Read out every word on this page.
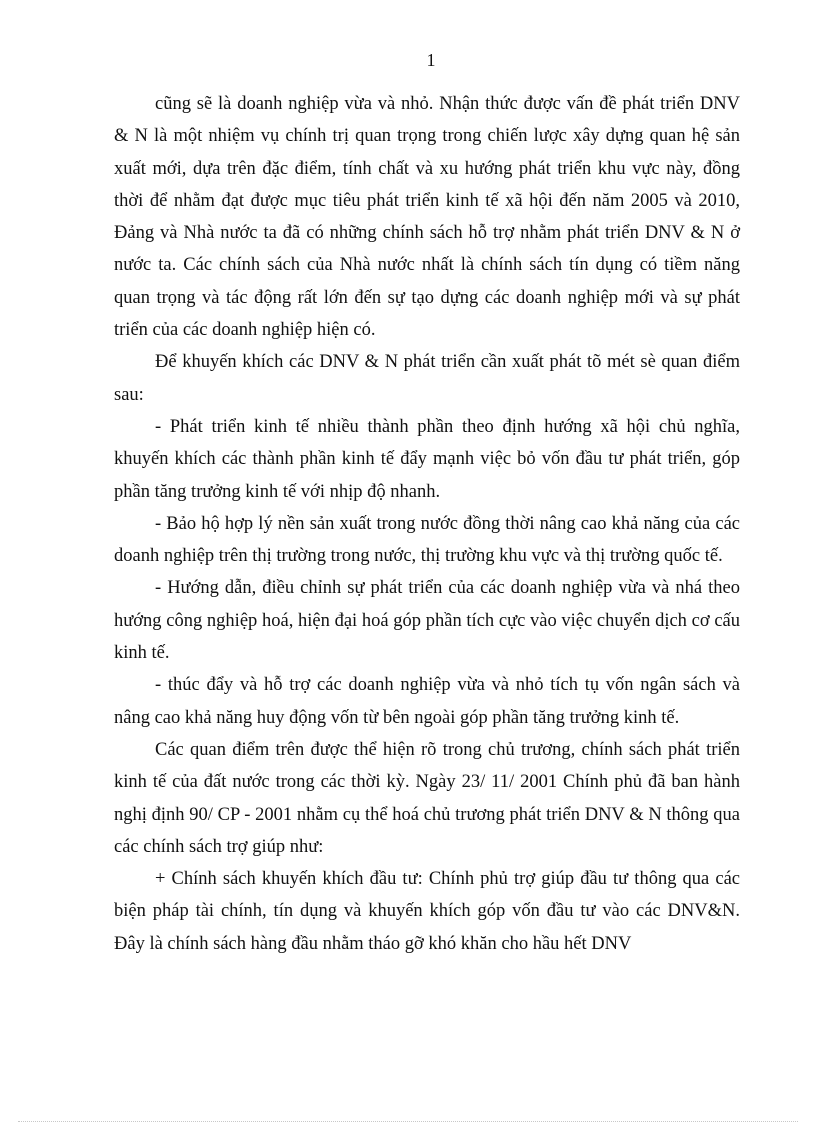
1

cũng sẽ là doanh nghiệp vừa và nhỏ. Nhận thức được vấn đề phát triển DNV & N là một nhiệm vụ chính trị quan trọng trong chiến lược xây dựng quan hệ sản xuất mới, dựa trên đặc điểm, tính chất và xu hướng phát triển khu vực này, đồng thời để nhằm đạt được mục tiêu phát triển kinh tế xã hội đến năm 2005 và 2010, Đảng và Nhà nước ta đã có những chính sách hỗ trợ nhằm phát triển DNV & N ở nước ta. Các chính sách của Nhà nước nhất là chính sách tín dụng có tiềm năng quan trọng và tác động rất lớn đến sự tạo dựng các doanh nghiệp mới và sự phát triển của các doanh nghiệp hiện có.

Để khuyến khích các DNV & N phát triển cần xuất phát tõ mét sè quan điểm sau:

- Phát triển kinh tế nhiều thành phần theo định hướng xã hội chủ nghĩa, khuyến khích các thành phần kinh tế đẩy mạnh việc bỏ vốn đầu tư phát triển, góp phần tăng trưởng kinh tế với nhịp độ nhanh.

- Bảo hộ hợp lý nền sản xuất trong nước đồng thời nâng cao khả năng của các doanh nghiệp trên thị trường trong nước, thị trường khu vực và thị trường quốc tế.

- Hướng dẫn, điều chỉnh sự phát triển của các doanh nghiệp vừa và nhá theo hướng công nghiệp hoá, hiện đại hoá góp phần tích cực vào việc chuyển dịch cơ cấu kinh tế.

- thúc đẩy và hỗ trợ các doanh nghiệp vừa và nhỏ tích tụ vốn ngân sách và nâng cao khả năng huy động vốn từ bên ngoài góp phần tăng trưởng kinh tế.

Các quan điểm trên được thể hiện rõ trong chủ trương, chính sách phát triển kinh tế của đất nước trong các thời kỳ. Ngày 23/ 11/ 2001 Chính phủ đã ban hành nghị định 90/ CP - 2001 nhằm cụ thể hoá chủ trương phát triển DNV & N thông qua các chính sách trợ giúp như:

+ Chính sách khuyến khích đầu tư: Chính phủ trợ giúp đầu tư thông qua các biện pháp tài chính, tín dụng và khuyến khích góp vốn đầu tư vào các DNV&N. Đây là chính sách hàng đầu nhằm tháo gỡ khó khăn cho hầu hết DNV
